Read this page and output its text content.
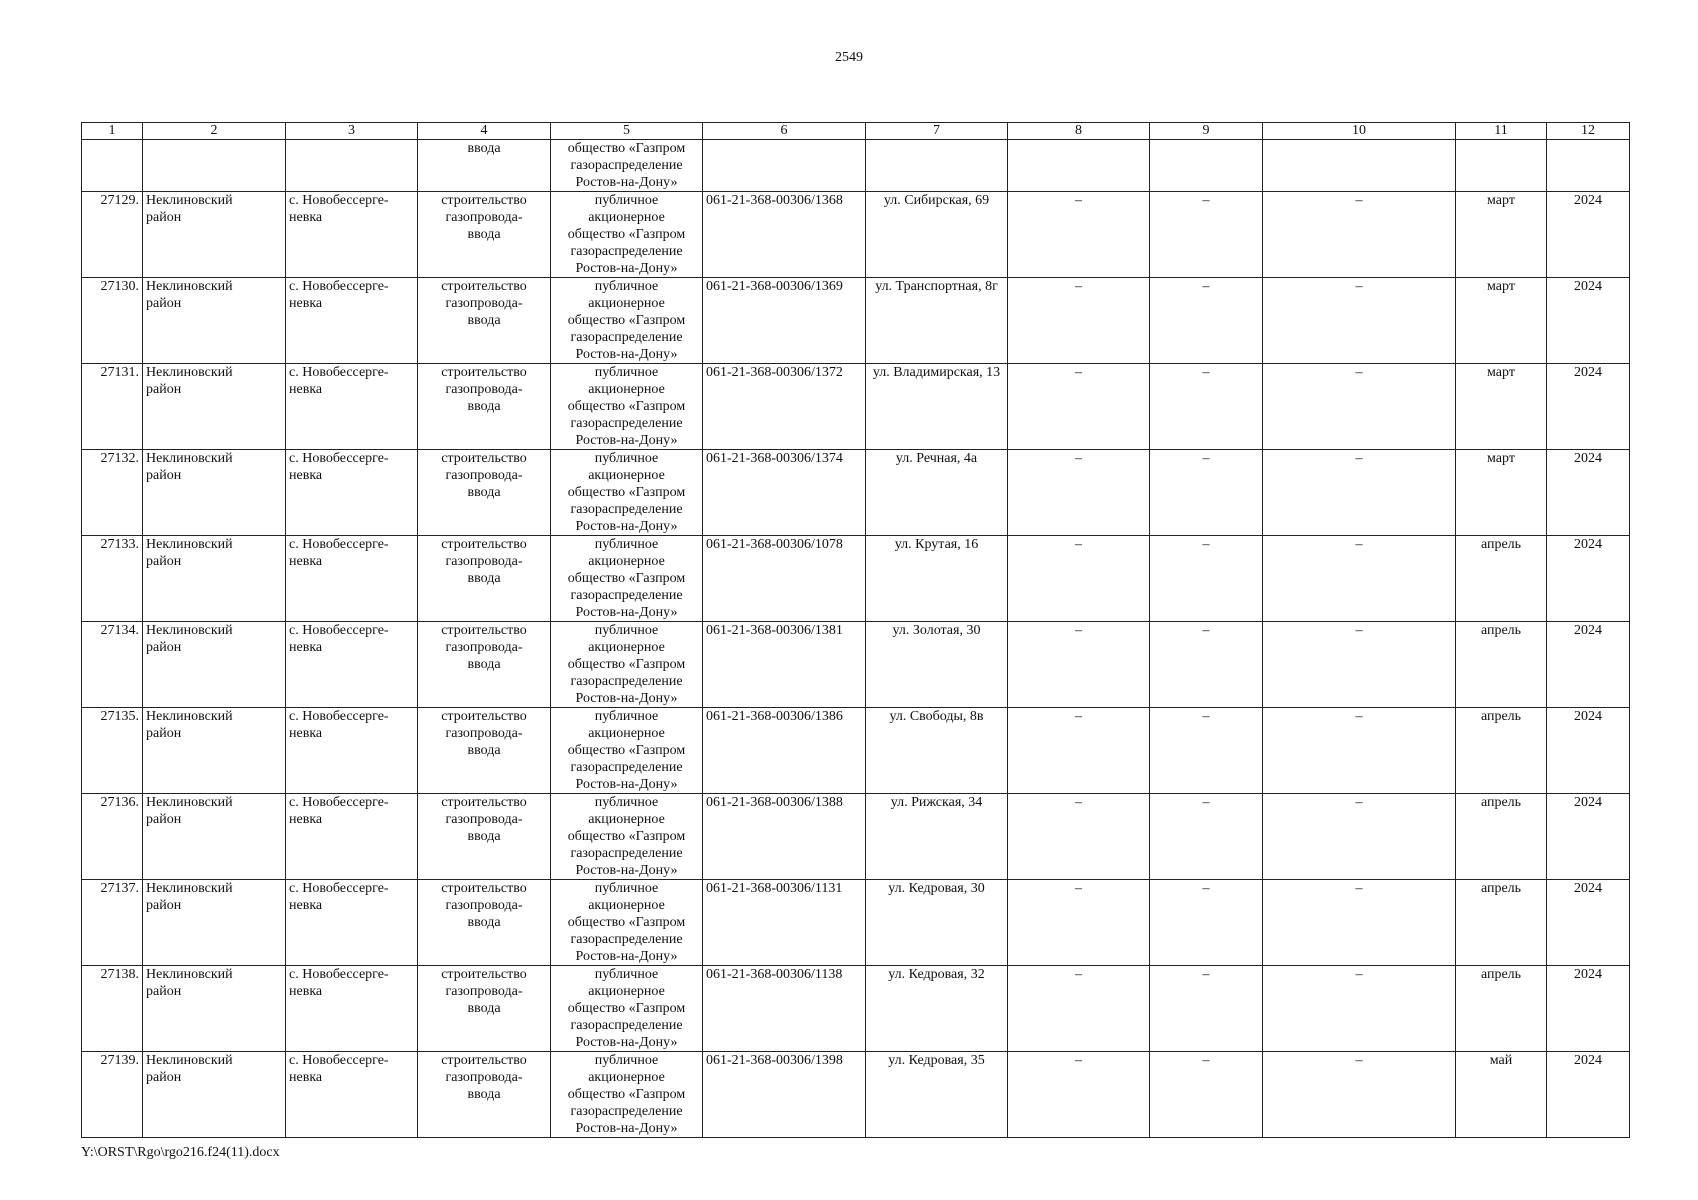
2549
1	2	3	4	5	6	7	8	9	10	11	12
			ввода	общество «Газпром
газораспределение
Ростов-на-Дону»							
27129.	Неклиновский
район	с. Новобессерге-
невка	строительство
газопровода-
ввода	публичное
акционерное
общество «Газпром
газораспределение
Ростов-на-Дону»	061-21-368-00306/1368	ул. Сибирская, 69	–	–	–	март	2024
27130.	Неклиновский
район	с. Новобессерге-
невка	строительство
газопровода-
ввода	публичное
акционерное
общество «Газпром
газораспределение
Ростов-на-Дону»	061-21-368-00306/1369	ул. Транспортная, 8г	–	–	–	март	2024
27131.	Неклиновский
район	с. Новобессерге-
невка	строительство
газопровода-
ввода	публичное
акционерное
общество «Газпром
газораспределение
Ростов-на-Дону»	061-21-368-00306/1372	ул. Владимирская, 13	–	–	–	март	2024
27132.	Неклиновский
район	с. Новобессерге-
невка	строительство
газопровода-
ввода	публичное
акционерное
общество «Газпром
газораспределение
Ростов-на-Дону»	061-21-368-00306/1374	ул. Речная, 4а	–	–	–	март	2024
27133.	Неклиновский
район	с. Новобессерге-
невка	строительство
газопровода-
ввода	публичное
акционерное
общество «Газпром
газораспределение
Ростов-на-Дону»	061-21-368-00306/1078	ул. Крутая, 16	–	–	–	апрель	2024
27134.	Неклиновский
район	с. Новобессерге-
невка	строительство
газопровода-
ввода	публичное
акционерное
общество «Газпром
газораспределение
Ростов-на-Дону»	061-21-368-00306/1381	ул. Золотая, 30	–	–	–	апрель	2024
27135.	Неклиновский
район	с. Новобессерге-
невка	строительство
газопровода-
ввода	публичное
акционерное
общество «Газпром
газораспределение
Ростов-на-Дону»	061-21-368-00306/1386	ул. Свободы, 8в	–	–	–	апрель	2024
27136.	Неклиновский
район	с. Новобессерге-
невка	строительство
газопровода-
ввода	публичное
акционерное
общество «Газпром
газораспределение
Ростов-на-Дону»	061-21-368-00306/1388	ул. Рижская, 34	–	–	–	апрель	2024
27137.	Неклиновский
район	с. Новобессерге-
невка	строительство
газопровода-
ввода	публичное
акционерное
общество «Газпром
газораспределение
Ростов-на-Дону»	061-21-368-00306/1131	ул. Кедровая, 30	–	–	–	апрель	2024
27138.	Неклиновский
район	с. Новобессерге-
невка	строительство
газопровода-
ввода	публичное
акционерное
общество «Газпром
газораспределение
Ростов-на-Дону»	061-21-368-00306/1138	ул. Кедровая, 32	–	–	–	апрель	2024
27139.	Неклиновский
район	с. Новобессерге-
невка	строительство
газопровода-
ввода	публичное
акционерное
общество «Газпром
газораспределение
Ростов-на-Дону»	061-21-368-00306/1398	ул. Кедровая, 35	–	–	–	май	2024
Y:\ORST\Rgo\rgo216.f24(11).docx
